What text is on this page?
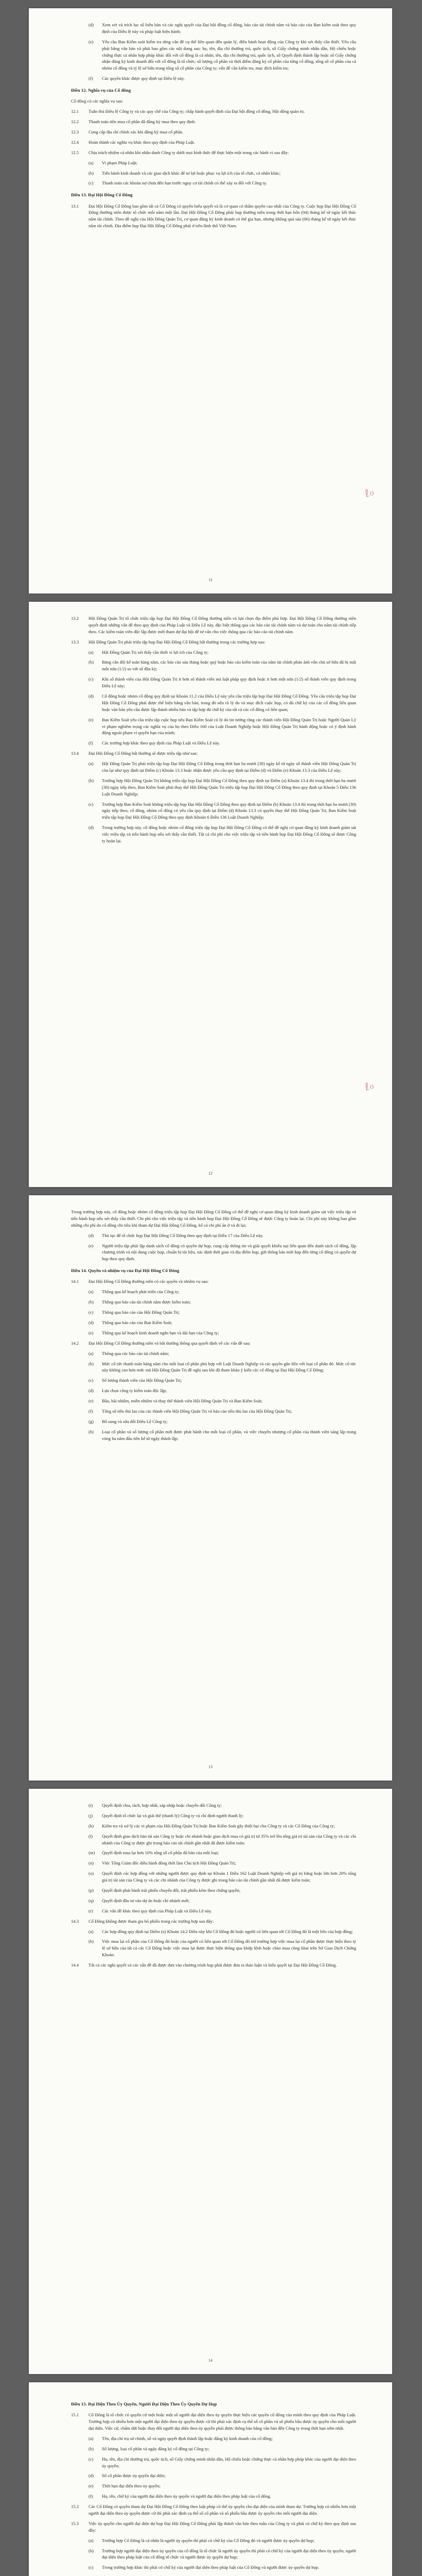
(d)	Xem xét và trích lục sổ biên bản và các nghị quyết của Đại hội đồng cổ đông, báo cáo tài chính năm và báo cáo của Ban kiểm soát theo quy định của Điều lệ này và pháp luật hiện hành;
(e)	Yêu cầu Ban Kiểm soát kiểm tra từng vấn đề cụ thể liên quan đến quản lý, điều hành hoạt động của Công ty khi xét thấy cần thiết. Yêu cầu phải bằng văn bản và phải bao gồm các nội dung sau: họ, tên, địa chỉ thường trú, quốc tịch, số Giấy chứng minh nhân dân, Hộ chiếu hoặc chứng thực cá nhân hợp pháp khác đối với cổ đông là cá nhân; tên, địa chỉ thường trú, quốc tịch, số Quyết định thành lập hoặc số Giấy chứng nhận đăng ký kinh doanh đối với cổ đông là tổ chức; số lượng cổ phần và thời điểm đăng ký cổ phần của từng cổ đông, tổng số cổ phần của cả nhóm cổ đông và tỷ lệ sở hữu trong tổng số cổ phần của Công ty; vấn đề cần kiểm tra, mục đích kiểm tra;
(f)	Các quyền khác được quy định tại Điều lệ này.
Điều 12. Nghĩa vụ của Cổ đông

Cổ đông có các nghĩa vụ sau:

12.1	Tuân thủ Điều lệ Công ty và các quy chế của Công ty; chấp hành quyết định của Đại hội đồng cổ đông, Hội đồng quản trị.
12.2	Thanh toán tiền mua cổ phần đã đăng ký mua theo quy định.
12.3	Cung cấp địa chỉ chính xác khi đăng ký mua cổ phần.
12.4	Hoàn thành các nghĩa vụ khác theo quy định của Pháp Luật.
12.5	Chịu trách nhiệm cá nhân khi nhân danh Công ty dưới mọi hình thức để thực hiện một trong các hành vi sau đây:
(a)	Vi phạm Pháp Luật;
(b)	Tiến hành kinh doanh và các giao dịch khác để tư lợi hoặc phục vụ lợi ích của tổ chức, cá nhân khác;
(c)	Thanh toán các khoản nợ chưa đến hạn trước nguy cơ tài chính có thể xảy ra đối với Công ty.
Điều 13. Đại Hội Đồng Cổ Đông
13.1	Đại Hội Đồng Cổ Đông bao gồm tất cả Cổ Đông có quyền biểu quyết và là cơ quan có thẩm quyền cao nhất của Công ty. Cuộc họp Đại Hội Đồng Cổ Đông thường niên được tổ chức mỗi năm một lần. Đại Hội Đồng Cổ Đông phải họp thường niên trong thời hạn bốn (04) tháng kể từ ngày kết thúc năm tài chính. Theo đề nghị của Hội Đồng Quản Trị, cơ quan đăng ký kinh doanh có thể gia hạn, nhưng không quá sáu (06) tháng kể từ ngày kết thúc năm tài chính. Địa điểm họp Đại Hội Đồng Cổ Đông phải ở trên lãnh thổ Việt Nam.
11
ℓℴ
13.2	Hội Đồng Quản Trị tổ chức triệu tập họp Đại Hội Đồng Cổ Đông thường niên và lựa chọn địa điểm phù hợp. Đại Hội Đồng Cổ Đông thường niên quyết định những vấn đề theo quy định của Pháp Luật và Điều Lệ này, đặc biệt thông qua các báo cáo tài chính năm và dự toán cho năm tài chính tiếp theo. Các kiểm toán viên độc lập được mời tham dự đại hội để tư vấn cho việc thông qua các báo cáo tài chính năm.
13.3	Hội Đồng Quản Trị phải triệu tập họp Đại Hội Đồng Cổ Đông bất thường trong các trường hợp sau:
(a)	Hội Đồng Quản Trị xét thấy cần thiết vì lợi ích của Công ty;
(b)	Bảng cân đối kế toán hàng năm, các báo cáo sáu tháng hoặc quý hoặc báo cáo kiểm toán của năm tài chính phản ánh vốn chủ sở hữu đã bị mất một nửa (1/2) so với số đầu kỳ;
(c)	Khi số thành viên của Hội Đồng Quản Trị ít hơn số thành viên mà luật pháp quy định hoặc ít hơn một nửa (1/2) số thành viên quy định trong Điều Lệ này;
(d)	Cổ đông hoặc nhóm cổ đông quy định tại Khoản 11.2 của Điều Lệ này yêu cầu triệu tập họp Đại Hội Đồng Cổ Đông. Yêu cầu triệu tập họp Đại Hội Đồng Cổ Đông phải được thể hiện bằng văn bản, trong đó nêu rõ lý do và mục đích cuộc họp, có đủ chữ ký của các cổ đông liên quan hoặc văn bản yêu cầu được lập thành nhiều bản và tập hợp đủ chữ ký của tất cả các cổ đông có liên quan;
(e)	Ban Kiểm Soát yêu cầu triệu tập cuộc họp nếu Ban Kiểm Soát có lý do tin tưởng rằng các thành viên Hội Đồng Quản Trị hoặc Người Quản Lý vi phạm nghiêm trọng các nghĩa vụ của họ theo Điều 160 của Luật Doanh Nghiệp hoặc Hội Đồng Quản Trị hành động hoặc có ý định hành động ngoài phạm vi quyền hạn của mình;
(f)	Các trường hợp khác theo quy định của Pháp Luật và Điều Lệ này.
13.4	Đại Hội Đồng Cổ Đông bất thường sẽ được triệu tập như sau:
(a)	Hội Đồng Quản Trị phải triệu tập họp Đại Hội Đồng Cổ Đông trong thời hạn ba mươi (30) ngày kể từ ngày số thành viên Hội Đồng Quản Trị còn lại như quy định tại Điểm (c) Khoản 13.3 hoặc nhận được yêu cầu quy định tại Điểm (d) và Điểm (e) Khoản 13.3 của Điều Lệ này;
(b)	Trường hợp Hội Đồng Quản Trị không triệu tập họp Đại Hội Đồng Cổ Đông theo quy định tại Điểm (a) Khoản 13.4 thì trong thời hạn ba mươi (30) ngày tiếp theo, Ban Kiểm Soát phải thay thế Hội Đồng Quản Trị triệu tập họp Đại Hội Đồng Cổ Đông theo quy định tại Khoản 5 Điều 136 Luật Doanh Nghiệp;
(c)	Trường hợp Ban Kiểm Soát không triệu tập họp Đại Hội Đồng Cổ Đông theo quy định tại Điểm (b) Khoản 13.4 thì trong thời hạn ba mươi (30) ngày tiếp theo, cổ đông, nhóm cổ đông có yêu cầu quy định tại Điểm (d) Khoản 13.3 có quyền thay thế Hội Đồng Quản Trị, Ban Kiểm Soát triệu tập họp Đại Hội Đồng Cổ Đông theo quy định Khoản 6 Điều 136 Luật Doanh Nghiệp;
(d)	Trong trường hợp này, cổ đông hoặc nhóm cổ đông triệu tập họp Đại Hội Đồng Cổ Đông có thể đề nghị cơ quan đăng ký kinh doanh giám sát việc triệu tập và tiến hành họp nếu xét thấy cần thiết. Tất cả chi phí cho việc triệu tập và tiến hành họp Đại Hội Đồng Cổ Đông sẽ được Công ty hoàn lại.
12
ℓℴ

Trong trường hợp này, cổ đông hoặc nhóm cổ đông triệu tập họp Đại Hội Đồng Cổ Đông có thể đề nghị cơ quan đăng ký kinh doanh giám sát việc triệu tập và tiến hành họp nếu xét thấy cần thiết. Chi phí cho việc triệu tập và tiến hành họp Đại Hội Đồng Cổ Đông sẽ được Công ty hoàn lại. Chi phí này không bao gồm những chi phí do cổ đông chi tiêu khi tham dự Đại Hội Đồng Cổ Đông, kể cả chi phí ăn ở và đi lại;

(d)	Thủ tục để tổ chức họp Đại Hội Đồng Cổ Đông theo quy định tại Điều 17 của Điều Lệ này.
(e)	Người triệu tập phải lập danh sách cổ đông có quyền dự họp, cung cấp thông tin và giải quyết khiếu nại liên quan đến danh sách cổ đông, lập chương trình và nội dung cuộc họp, chuẩn bị tài liệu, xác định thời gian và địa điểm họp, gửi thông báo mời họp đến từng cổ đông có quyền dự họp theo quy định.
Điều 14. Quyền và nhiệm vụ của Đại Hội Đồng Cổ Đông
14.1	Đại Hội Đồng Cổ Đông thường niên có các quyền và nhiệm vụ sau:
(a)	Thông qua kế hoạch phát triển của Công ty;
(b)	Thông qua báo cáo tài chính năm được kiểm toán;
(c)	Thông qua báo cáo của Hội Đồng Quản Trị;
(d)	Thông qua báo cáo của Ban Kiểm Soát;
(e)	Thông qua kế hoạch kinh doanh ngắn hạn và dài hạn của Công ty;
14.2	Đại Hội Đồng Cổ Đông thường niên và bất thường thông qua quyết định về các vấn đề sau:
(a)	Thông qua các báo cáo tài chính năm;
(b)	Mức cổ tức thanh toán hàng năm cho mỗi loại cổ phần phù hợp với Luật Doanh Nghiệp và các quyền gắn liền với loại cổ phần đó. Mức cổ tức này không cao hơn mức mà Hội Đồng Quản Trị đề nghị sau khi đã tham khảo ý kiến các cổ đông tại Đại Hội Đồng Cổ Đông;
(c)	Số lượng thành viên của Hội Đồng Quản Trị;
(d)	Lựa chọn công ty kiểm toán độc lập;
(e)	Bầu, bãi nhiệm, miễn nhiệm và thay thế thành viên Hội Đồng Quản Trị và Ban Kiểm Soát;
(f)	Tổng số tiền thù lao của các thành viên Hội Đồng Quản Trị và báo cáo tiền thù lao của Hội Đồng Quản Trị;
(g)	Bổ sung và sửa đổi Điều Lệ Công ty;
(h)	Loại cổ phần và số lượng cổ phần mới được phát hành cho mỗi loại cổ phần, và việc chuyển nhượng cổ phần của thành viên sáng lập trong vòng ba năm đầu tiên kể từ ngày thành lập;
13
(i)	Quyết định chia, tách, hợp nhất, sáp nhập hoặc chuyển đổi Công ty;
(j)	Quyết định tổ chức lại và giải thể (thanh lý) Công ty và chỉ định người thanh lý;
(k)	Kiểm tra và xử lý các vi phạm của Hội Đồng Quản Trị hoặc Ban Kiểm Soát gây thiệt hại cho Công ty và các Cổ Đông của Công ty;
(l)	Quyết định giao dịch bán tài sản Công ty hoặc chi nhánh hoặc giao dịch mua có giá trị từ 35% trở lên tổng giá trị tài sản của Công ty và các chi nhánh của Công ty được ghi trong báo cáo tài chính gần nhất đã được kiểm toán;
(m)	Quyết định mua lại hơn 10% tổng số cổ phần đã bán của mỗi loại;
(n)	Việc Tổng Giám đốc điều hành đồng thời làm Chủ tịch Hội Đồng Quản Trị;
(o)	Quyết định các hợp đồng với những người được quy định tại Khoản 1 Điều 162 Luật Doanh Nghiệp với giá trị bằng hoặc lớn hơn 20% tổng giá trị tài sản của Công ty và các chi nhánh của Công ty được ghi trong báo cáo tài chính gần nhất đã được kiểm toán;
(p)	Quyết định phát hành trái phiếu chuyển đổi, trái phiếu kèm theo chứng quyền;
(q)	Quyết định đầu tư vào dự án hoặc chi nhánh mới;
(r)	Các vấn đề khác theo quy định của Pháp Luật và Điều Lệ này.
14.3	Cổ Đông không được tham gia bỏ phiếu trong các trường hợp sau đây:
(a)	Các hợp đồng quy định tại Điểm (o) Khoản 14.2 Điều này khi Cổ Đông đó hoặc người có liên quan tới Cổ Đông đó là một bên của hợp đồng;
(b)	Việc mua lại cổ phần của Cổ Đông đó hoặc của người có liên quan tới Cổ Đông đó trừ trường hợp việc mua lại cổ phần được thực hiện theo tỷ lệ sở hữu của tất cả các Cổ Đông hoặc việc mua lại được thực hiện thông qua khớp lệnh hoặc chào mua công khai trên Sở Giao Dịch Chứng Khoán.
14.4	Tất cả các nghị quyết và các vấn đề đã được đưa vào chương trình họp phải được đưa ra thảo luận và biểu quyết tại Đại Hội Đồng Cổ Đông.
14
Điều 15. Đại Diện Theo Ủy Quyền, Người Đại Diện Theo Ủy Quyền Dự Họp
15.1	Cổ Đông là tổ chức có quyền cử một hoặc một số người đại diện theo ủy quyền thực hiện các quyền cổ đông của mình theo quy định của Pháp Luật. Trường hợp có nhiều hơn một người đại diện theo ủy quyền được cử thì phải xác định cụ thể số cổ phần và số phiếu bầu được ủy quyền cho mỗi người đại diện. Việc cử, chấm dứt hoặc thay đổi người đại diện theo ủy quyền phải được thông báo bằng văn bản đến Công ty trong thời hạn sớm nhất.
(a)	Tên, địa chỉ trụ sở chính, số và ngày quyết định thành lập hoặc đăng ký kinh doanh của cổ đông;
(b)	Số lượng, loại cổ phần và ngày đăng ký cổ đông tại Công ty;
(c)	Họ, tên, địa chỉ thường trú, quốc tịch, số Giấy chứng minh nhân dân, Hộ chiếu hoặc chứng thực cá nhân hợp pháp khác của người đại diện theo ủy quyền;
(d)	Số cổ phần được ủy quyền đại diện;
(e)	Thời hạn đại diện theo ủy quyền;
(f)	Họ, tên, chữ ký của người đại diện theo ủy quyền và người đại diện theo pháp luật của cổ đông.
15.2	Các Cổ Đông có quyền tham dự Đại Hội Đồng Cổ Đông theo luật pháp có thể ủy quyền cho đại diện của mình tham dự. Trường hợp có nhiều hơn một người đại diện theo ủy quyền được cử thì phải xác định cụ thể số cổ phần và số phiếu bầu được ủy quyền cho mỗi người đại diện.
15.3	Việc ủy quyền cho người đại diện dự họp Đại Hội Đồng Cổ Đông phải lập thành văn bản theo mẫu của Công ty và phải có chữ ký theo quy định sau đây:
(a)	Trường hợp Cổ Đông là cá nhân là người ủy quyền thì phải có chữ ký của Cổ Đông đó và người được ủy quyền dự họp;
(b)	Trường hợp người đại diện theo ủy quyền của cổ đông là tổ chức là người ủy quyền thì phải có chữ ký của người đại diện theo ủy quyền, người đại diện theo pháp luật của cổ đông tổ chức và người được ủy quyền dự họp;
(c)	Trong trường hợp khác thì phải có chữ ký của người đại diện theo pháp luật của Cổ Đông và người được ủy quyền dự họp.
